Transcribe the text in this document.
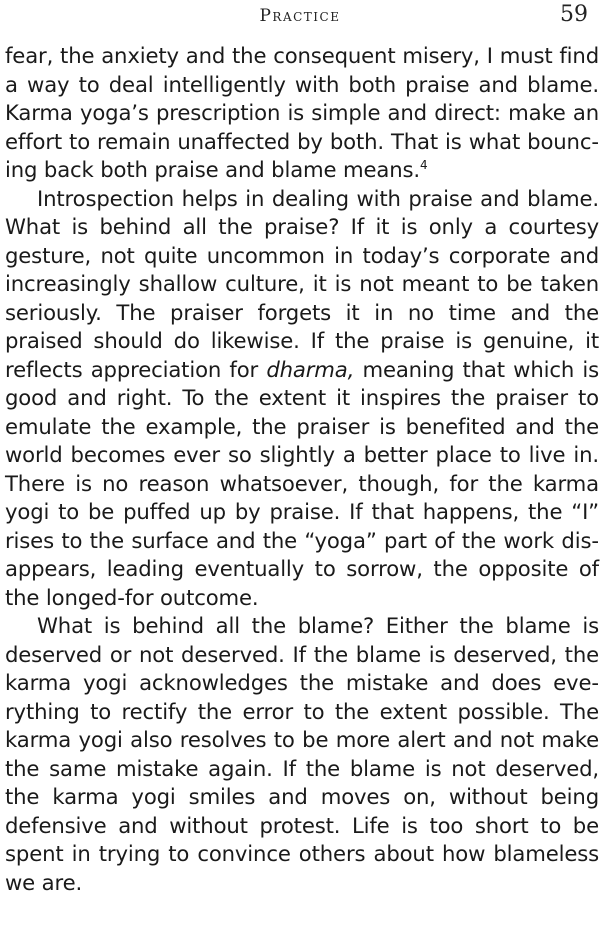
Practice	59

fear, the anxiety and the consequent misery, I must find a way to deal intelligently with both praise and blame. Karma yoga’s prescription is simple and direct: make an effort to remain unaffected by both. That is what bouncing back both praise and blame means.$^4$

Introspection helps in dealing with praise and blame. What is behind all the praise? If it is only a courtesy gesture, not quite uncommon in today’s corporate and increasingly shallow culture, it is not meant to be taken seriously. The praiser forgets it in no time and the praised should do likewise. If the praise is genuine, it reflects appreciation for dharma, meaning that which is good and right. To the extent it inspires the praiser to emulate the example, the praiser is benefited and the world becomes ever so slightly a better place to live in. There is no reason whatsoever, though, for the karma yogi to be puffed up by praise. If that happens, the “I” rises to the surface and the “yoga” part of the work disappears, leading eventually to sorrow, the opposite of the longed-for outcome.

What is behind all the blame? Either the blame is deserved or not deserved. If the blame is deserved, the karma yogi acknowledges the mistake and does everything to rectify the error to the extent possible. The karma yogi also resolves to be more alert and not make the same mistake again. If the blame is not deserved, the karma yogi smiles and moves on, without being defensive and without protest. Life is too short to be spent in trying to convince others about how blameless we are.
